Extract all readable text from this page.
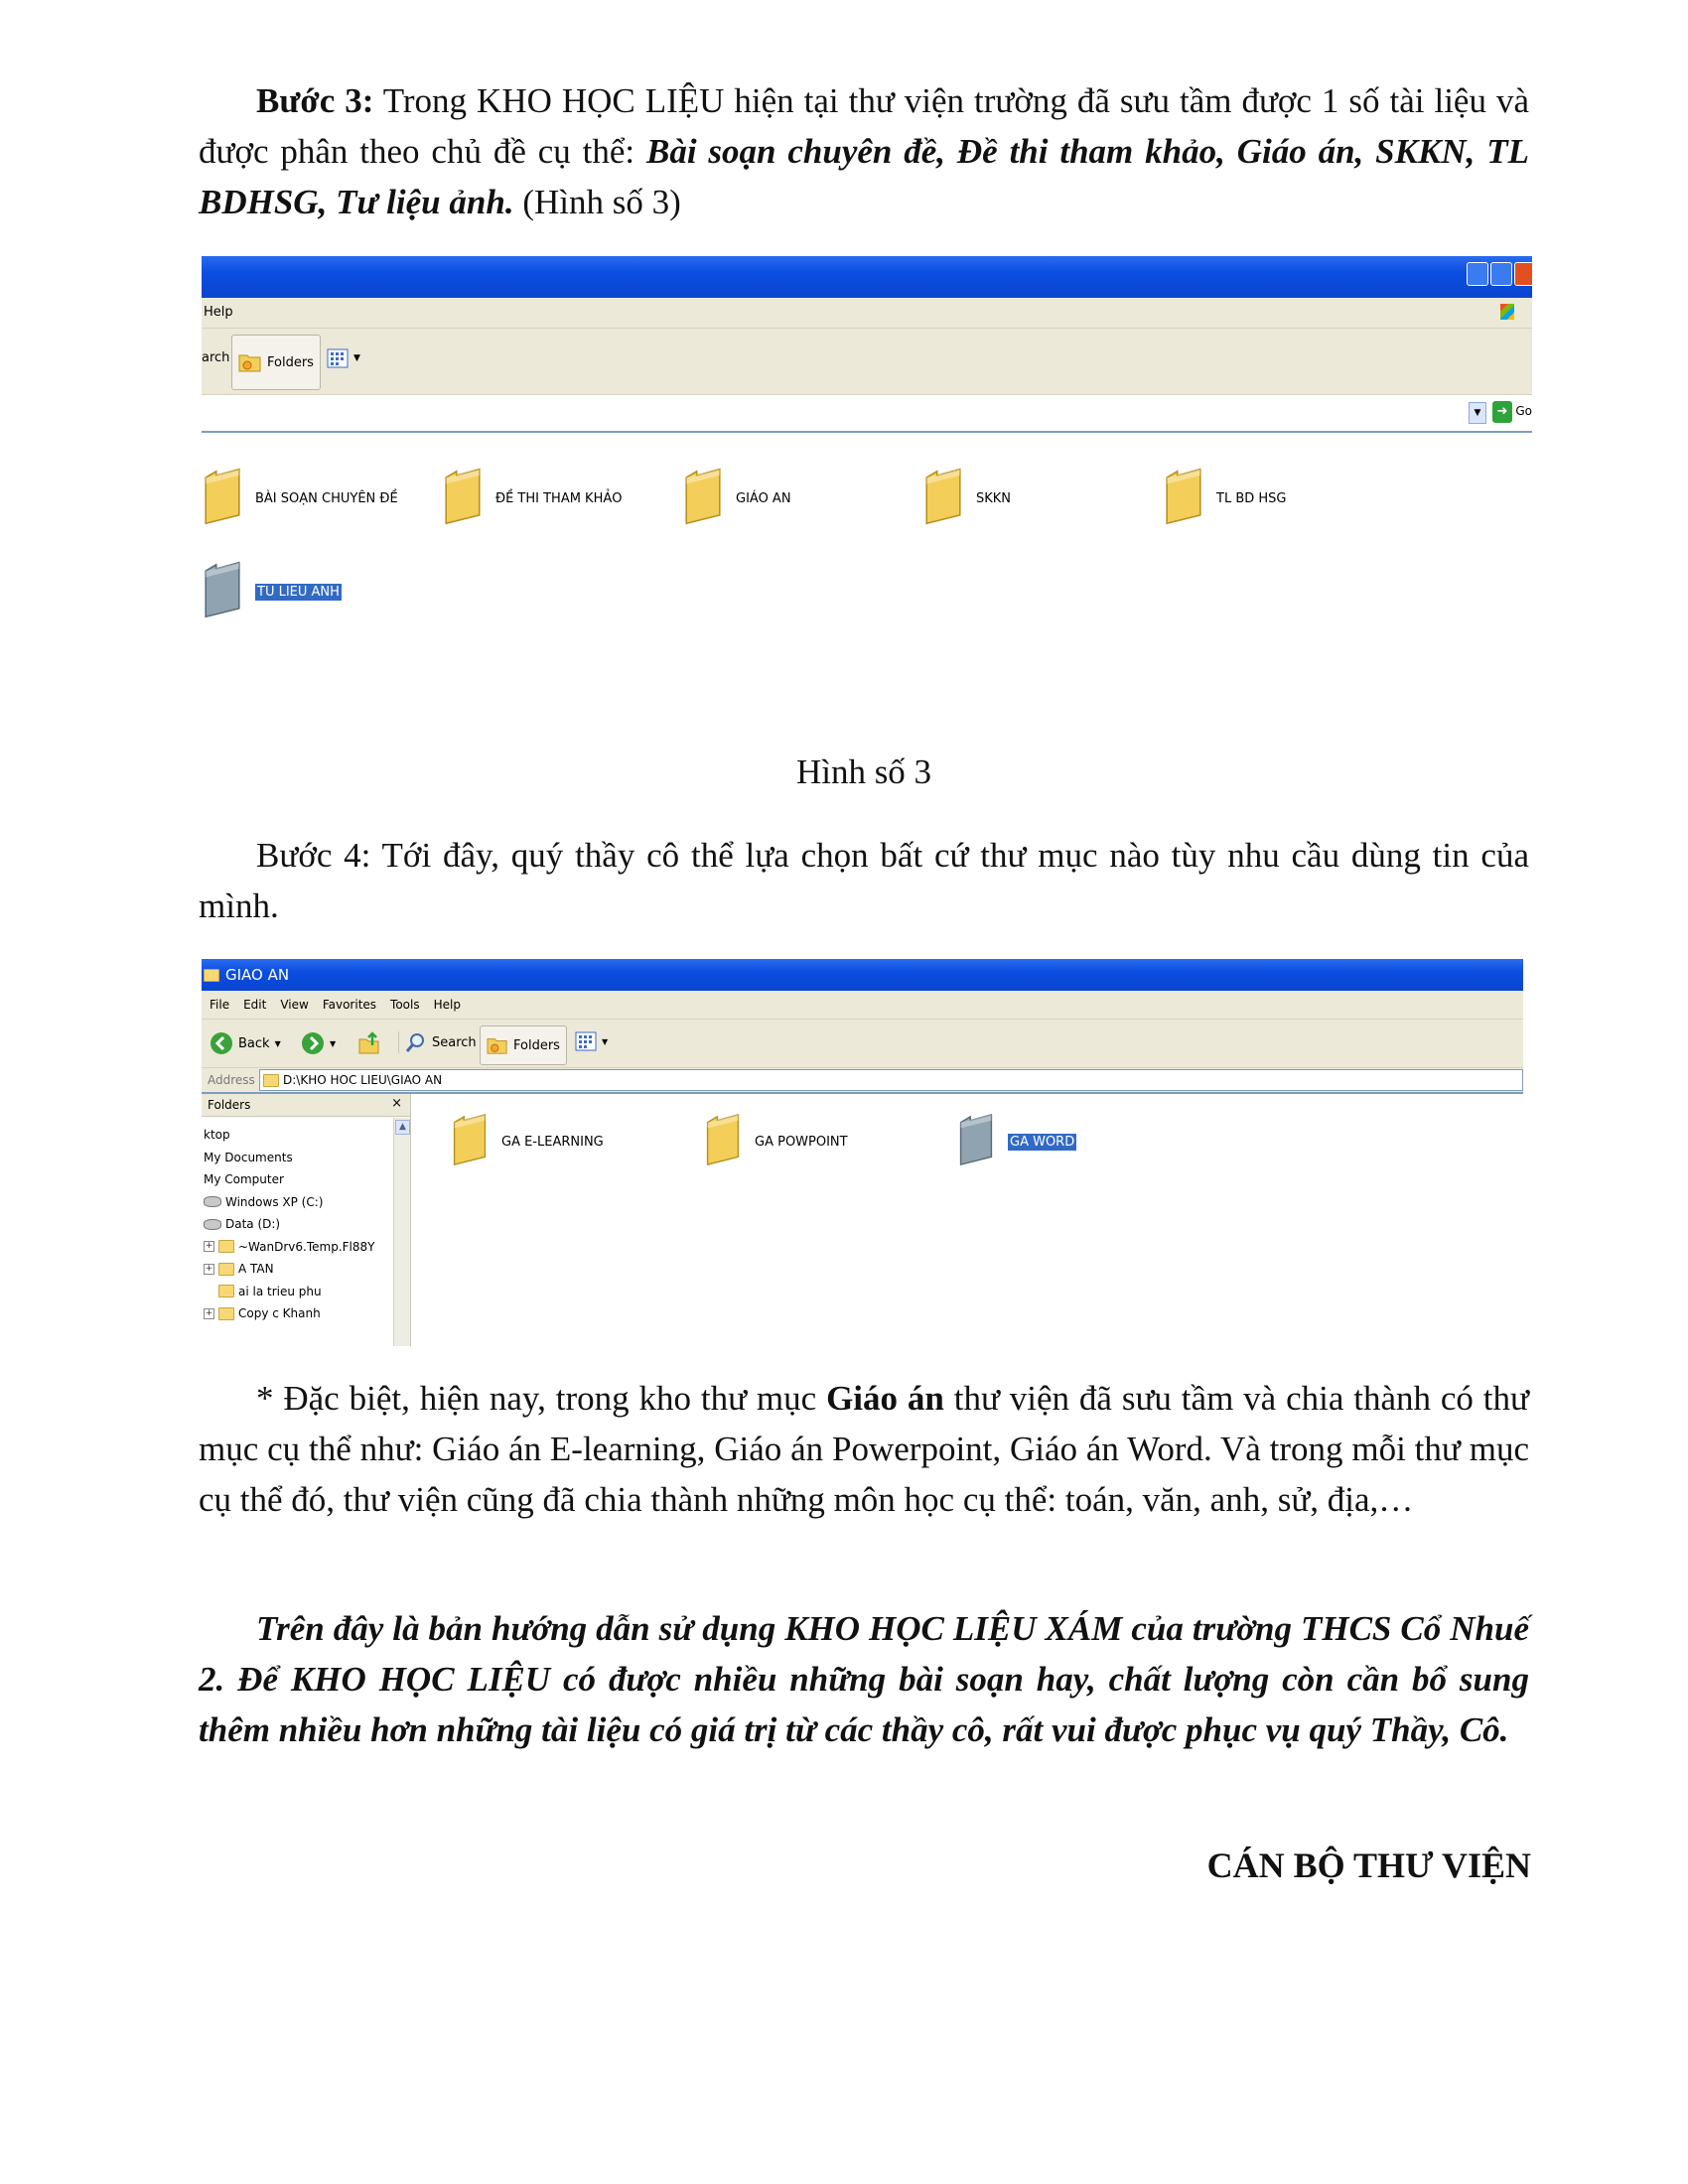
Bước 3: Trong KHO HỌC LIỆU hiện tại thư viện trường đã sưu tầm được 1 số tài liệu và được phân theo chủ đề cụ thể: Bài soạn chuyên đề, Đề thi tham khảo, Giáo án, SKKN, TL BDHSG, Tư liệu ảnh. (Hình số 3)

Help
arch	Folders	▼
▼	➜ Go
BÀI SOẠN CHUYÊN ĐỀ	ĐỀ THI THAM KHẢO	GIÁO AN	SKKN	TL BD HSG
TU LIEU ANH
Hình số 3

Bước 4: Tới đây, quý thầy cô thể lựa chọn bất cứ thư mục nào tùy nhu cầu dùng tin của mình.

GIAO AN
File Edit View Favorites Tools Help
Back ▼	▼	Search	Folders	▼
Address D:\KHO HOC LIEU\GIAO AN
Folders	×
ktop
My Documents
My Computer
Windows XP (C:)
Data (D:)
+ ~WanDrv6.Temp.Fl88Y
+ A TAN
ai la trieu phu
+ Copy c Khanh
▲
GA E-LEARNING	GA POWPOINT	GA WORD

* Đặc biệt, hiện nay, trong kho thư mục Giáo án thư viện đã sưu tầm và chia thành có thư mục cụ thể như: Giáo án E-learning, Giáo án Powerpoint, Giáo án Word. Và trong mỗi thư mục cụ thể đó, thư viện cũng đã chia thành những môn học cụ thể: toán, văn, anh, sử, địa,…

Trên đây là bản hướng dẫn sử dụng KHO HỌC LIỆU XÁM của trường THCS Cổ Nhuế 2. Để KHO HỌC LIỆU có được nhiều những bài soạn hay, chất lượng còn cần bổ sung thêm nhiều hơn những tài liệu có giá trị từ các thầy cô, rất vui được phục vụ quý Thầy, Cô.

CÁN BỘ THƯ VIỆN
